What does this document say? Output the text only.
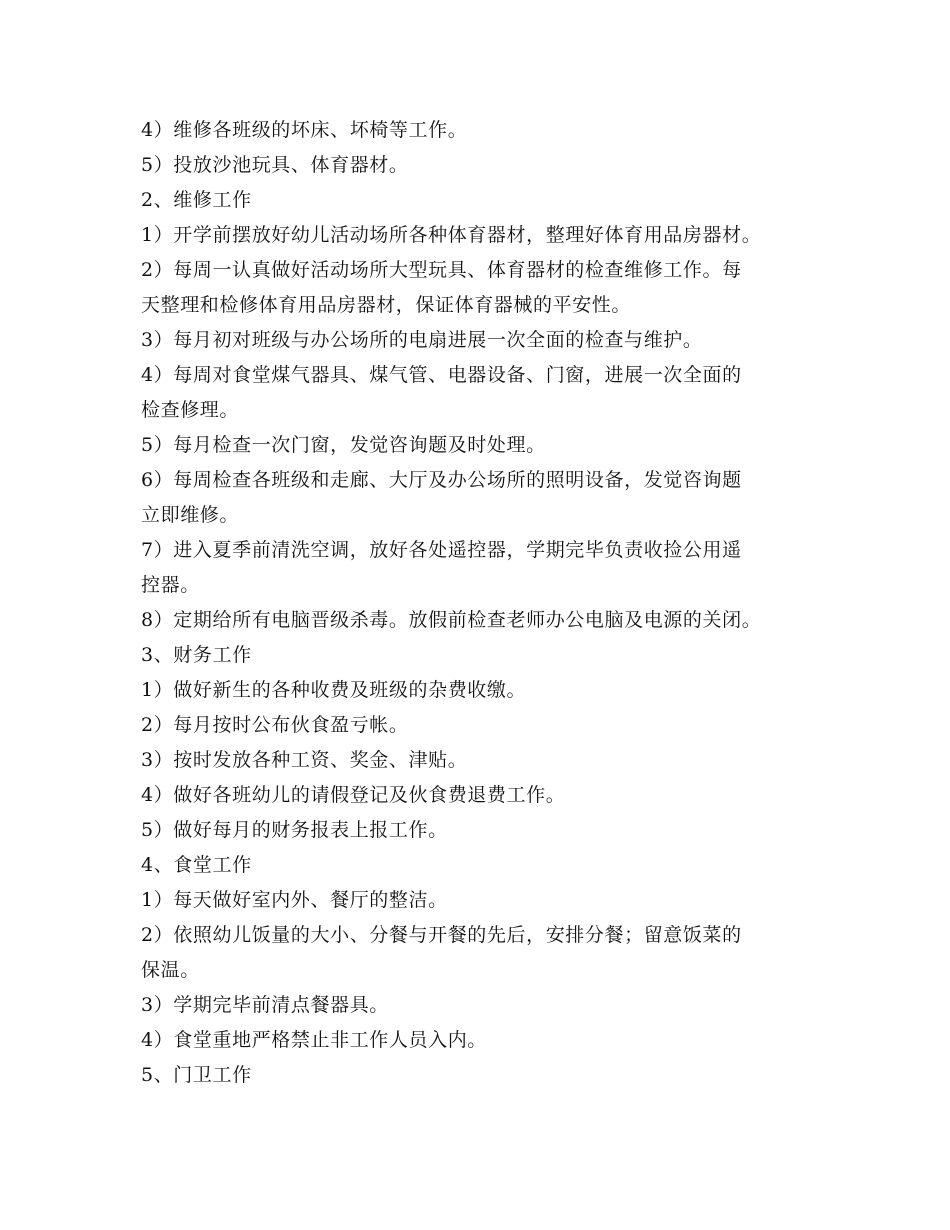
4）维修各班级的坏床、坏椅等工作。
5）投放沙池玩具、体育器材。
2、维修工作
1）开学前摆放好幼儿活动场所各种体育器材，整理好体育用品房器材。
2）每周一认真做好活动场所大型玩具、体育器材的检查维修工作。每
天整理和检修体育用品房器材，保证体育器械的平安性。
3）每月初对班级与办公场所的电扇进展一次全面的检查与维护。
4）每周对食堂煤气器具、煤气管、电器设备、门窗，进展一次全面的
检查修理。
5）每月检查一次门窗，发觉咨询题及时处理。
6）每周检查各班级和走廊、大厅及办公场所的照明设备，发觉咨询题
立即维修。
7）进入夏季前清洗空调，放好各处遥控器，学期完毕负责收捡公用遥
控器。
8）定期给所有电脑晋级杀毒。放假前检查老师办公电脑及电源的关闭。
3、财务工作
1）做好新生的各种收费及班级的杂费收缴。
2）每月按时公布伙食盈亏帐。
3）按时发放各种工资、奖金、津贴。
4）做好各班幼儿的请假登记及伙食费退费工作。
5）做好每月的财务报表上报工作。
4、食堂工作
1）每天做好室内外、餐厅的整洁。
2）依照幼儿饭量的大小、分餐与开餐的先后，安排分餐；留意饭菜的
保温。
3）学期完毕前清点餐器具。
4）食堂重地严格禁止非工作人员入内。
5、门卫工作
